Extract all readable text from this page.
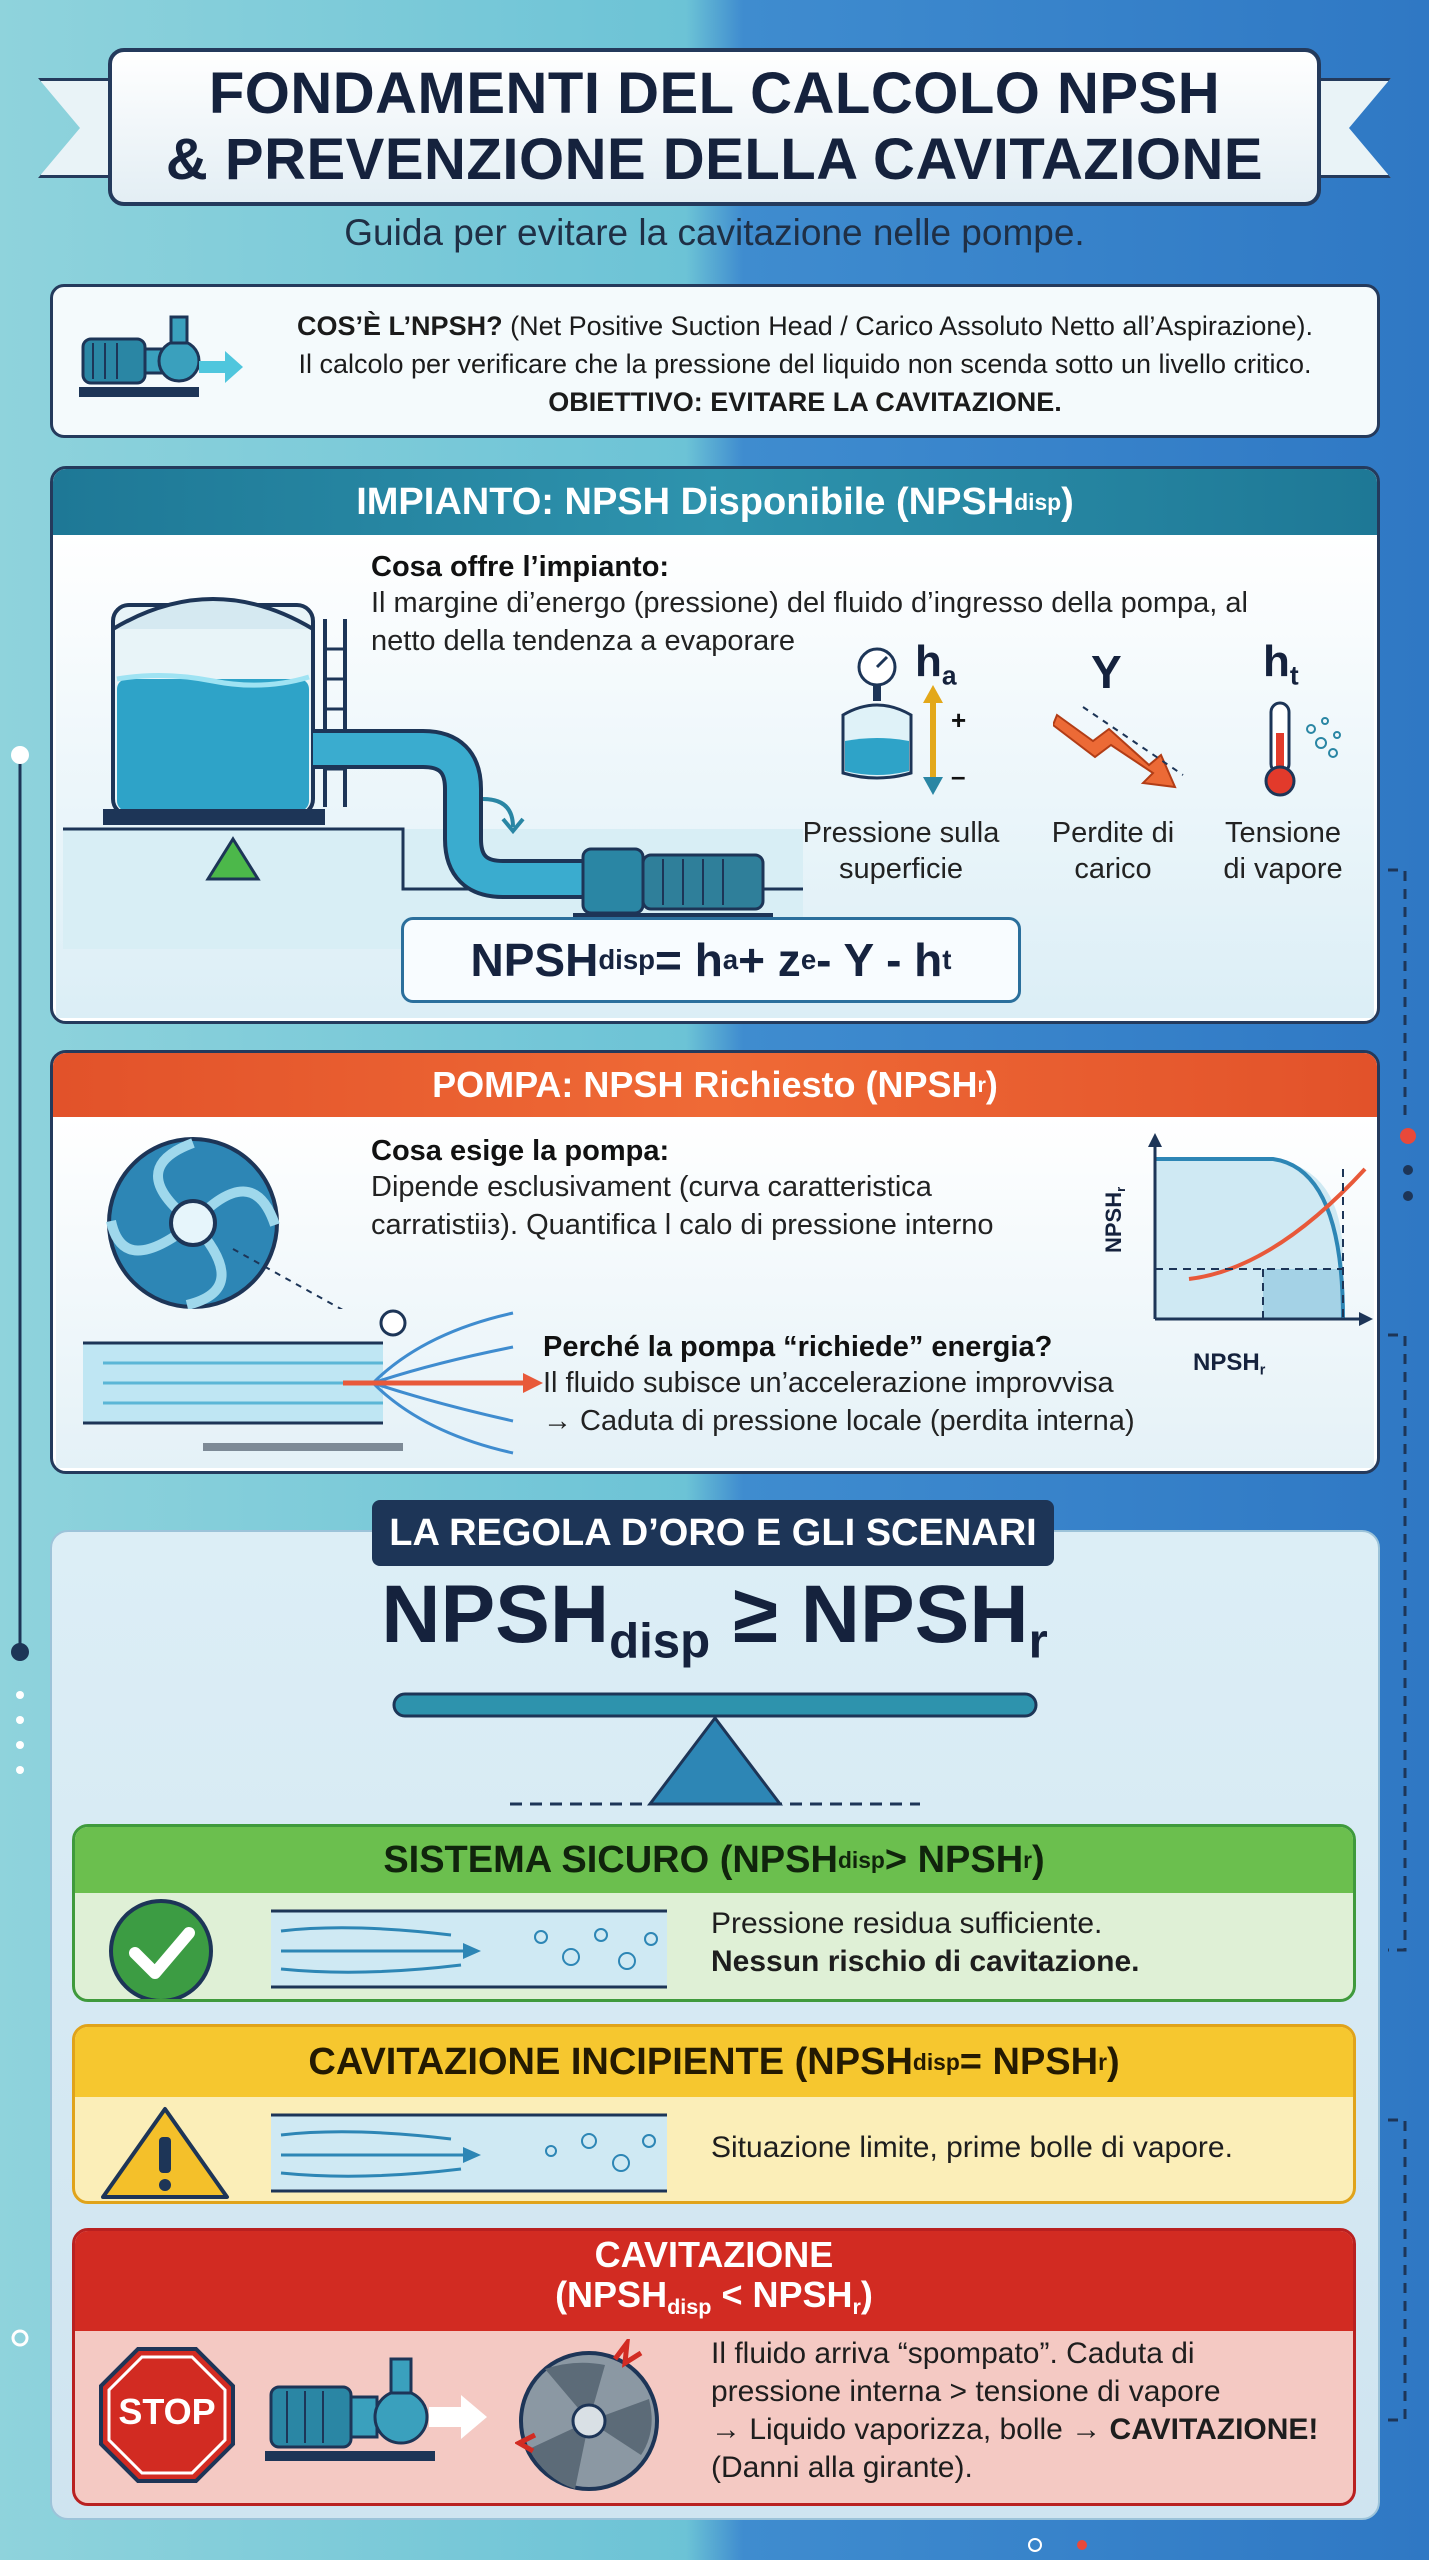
FONDAMENTI DEL CALCOLO NPSH
& PREVENZIONE DELLA CAVITAZIONE
Guida per evitare la cavitazione nelle pompe.
COS’È L’NPSH? (Net Positive Suction Head / Carico Assoluto Netto all’Aspirazione).
Il calcolo per verificare che la pressione del liquido non scenda sotto un livello critico.
OBIETTIVO: EVITARE LA CAVITAZIONE.
IMPIANTO: NPSH Disponibile (NPSH disp )
Cosa offre l’impianto:
Il margine di’energo (pressione) del fluido d’ingresso della pompa, al
netto della tendenza a evaporare	$h_a$
+
–
Y	$h_t$
Pressione sulla
superficie
Perdite di
carico
Tensione
di vapore
NPSH disp = h a + z e - Y - h t
POMPA: NPSH Richiesto (NPSH r )
Cosa esige la pompa:
Dipende esclusivament (curva caratteristica
carratistiiз). Quantifica l calo di pressione interno	$NPSH_r$
$NPSH_r$
Perché la pompa “richiede” energia?
Il fluido subisce un’accelerazione improvvisa
→ Caduta di pressione locale (perdita interna)
LA REGOLA D’ORO E GLI SCENARI
$NPSH_{disp}$ ≥ $NPSH_r$
SISTEMA SICURO (NPSH disp > NPSH r )
Pressione residua sufficiente.
Nessun rischio di cavitazione.
CAVITAZIONE INCIPIENTE (NPSH disp = NPSH r )
Situazione limite, prime bolle di vapore.
CAVITAZIONE
($NPSH_{disp}$ < $NPSH_r$)
STOP
Il fluido arriva “spompato”. Caduta di
pressione interna > tensione di vapore
→ Liquido vaporizza, bolle → CAVITAZIONE!
(Danni alla girante).
